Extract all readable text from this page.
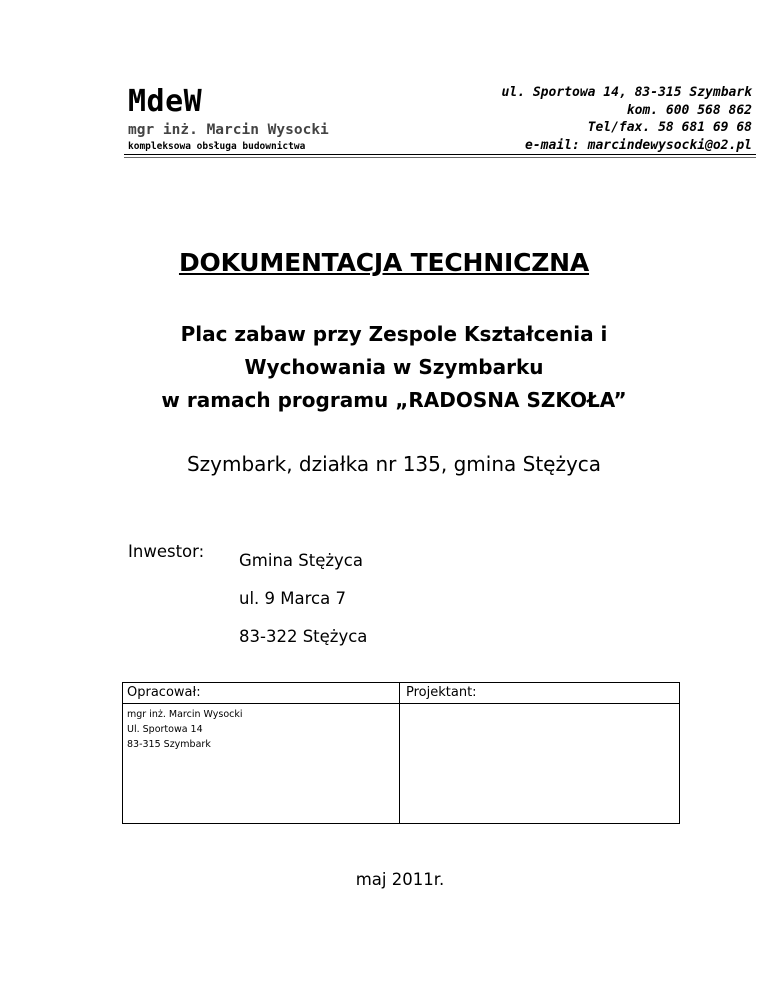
MdeW
mgr inż. Marcin Wysocki
kompleksowa obsługa budownictwa
ul. Sportowa 14, 83-315 Szymbark
kom. 600 568 862
Tel/fax. 58 681 69 68
e-mail: marcindewysocki@o2.pl
DOKUMENTACJA TECHNICZNA
Plac zabaw przy Zespole Kształcenia i
Wychowania w Szymbarku
w ramach programu „RADOSNA SZKOŁA”
Szymbark, działka nr 135, gmina Stężyca
Inwestor: Gmina Stężyca
ul. 9 Marca 7
83-322 Stężyca
Opracował:
mgr inż. Marcin Wysocki
Ul. Sportowa 14
83-315 Szymbark
Projektant:
maj 2011r.
